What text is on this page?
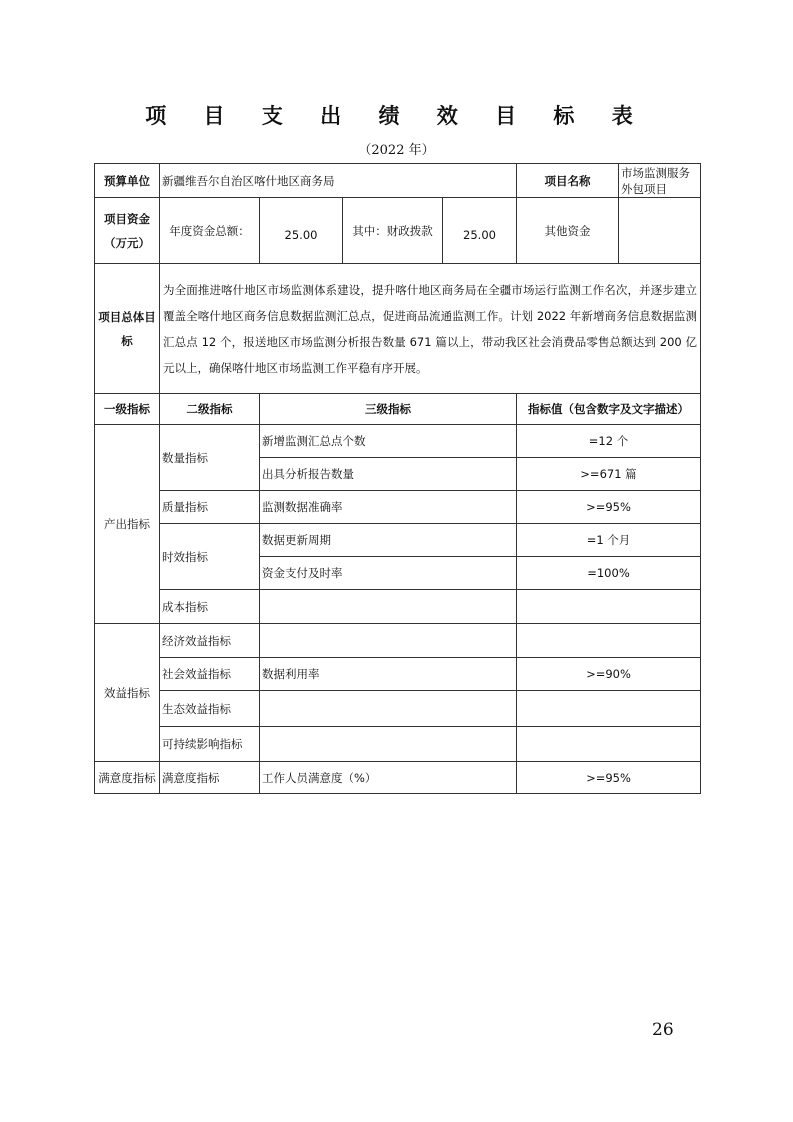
项 目 支 出 绩 效 目 标 表
（2022 年）
预算单位	新疆维吾尔自治区喀什地区商务局				项目名称	市场监测服务外包项目

项目资金
（万元）	年度资金总额：	25.00	其中：财政拨款	25.00	其他资金	

项目总体目
标	为全面推进喀什地区市场监测体系建设，提升喀什地区商务局在全疆市场运行监测工作名次，并逐步建立覆盖全喀什地区商务信息数据监测汇总点，促进商品流通监测工作。计划 2022 年新增商务信息数据监测汇总点 12 个，报送地区市场监测分析报告数量 671 篇以上，带动我区社会消费品零售总额达到 200 亿元以上，确保喀什地区市场监测工作平稳有序开展。					
一级指标	二级指标	三级指标			指标值（包含数字及文字描述）	
产出指标	数量指标	新增监测汇总点个数			=12 个	
		出具分析报告数量			>=671 篇	
	质量指标	监测数据准确率			>=95%	
	时效指标	数据更新周期			=1 个月	
		资金支付及时率			=100%	
	成本指标					
效益指标	经济效益指标					
	社会效益指标	数据利用率			>=90%	
	生态效益指标					
	可持续影响指标					
满意度指标	满意度指标	工作人员满意度（%）			>=95%	
26
